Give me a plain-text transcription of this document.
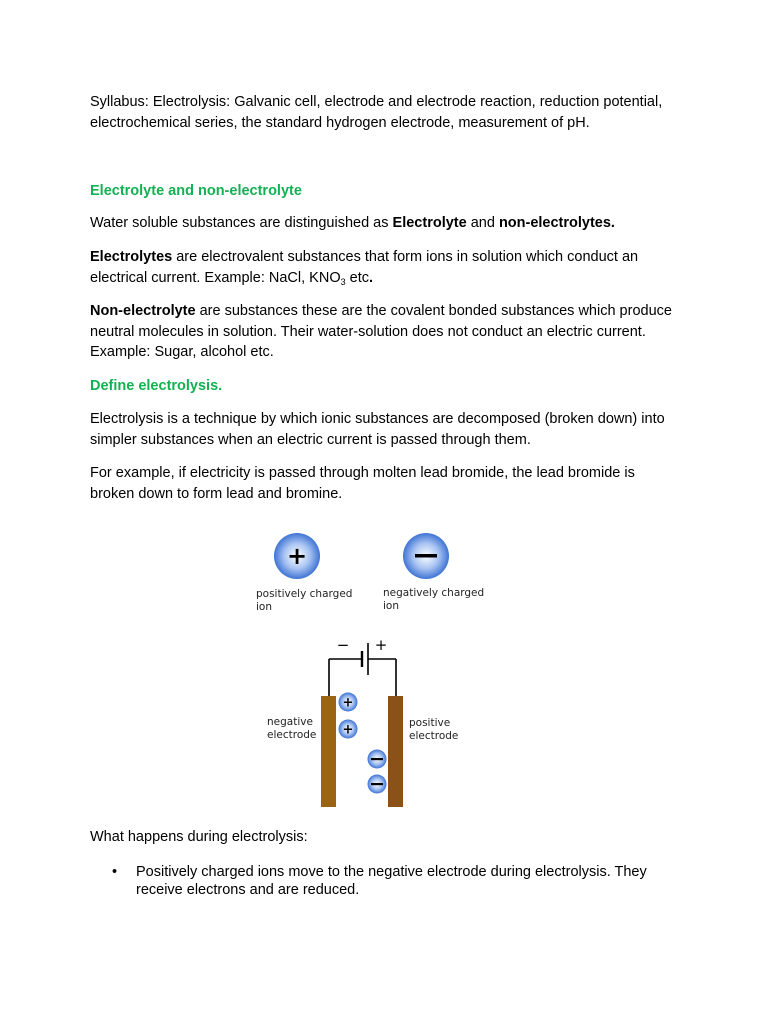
Syllabus: Electrolysis: Galvanic cell, electrode and electrode reaction, reduction potential, electrochemical series, the standard hydrogen electrode, measurement of pH.

Electrolyte and non-electrolyte

Water soluble substances are distinguished as Electrolyte and non-electrolytes.

Electrolytes are electrovalent substances that form ions in solution which conduct an electrical current. Example: NaCl, $KNO_3$ etc.

Non-electrolyte are substances these are the covalent bonded substances which produce neutral molecules in solution. Their water-solution does not conduct an electric current. Example: Sugar, alcohol etc.

Define electrolysis.

Electrolysis is a technique by which ionic substances are decomposed (broken down) into simpler substances when an electric current is passed through them.

For example, if electricity is passed through molten lead bromide, the lead bromide is broken down to form lead and bromine.

What happens during electrolysis:

+
− +
+
+
positively charged
ion
negatively charged
ion
negative
electrode
positive
electrode
• Positively charged ions move to the negative electrode during electrolysis. They receive electrons and are reduced.
